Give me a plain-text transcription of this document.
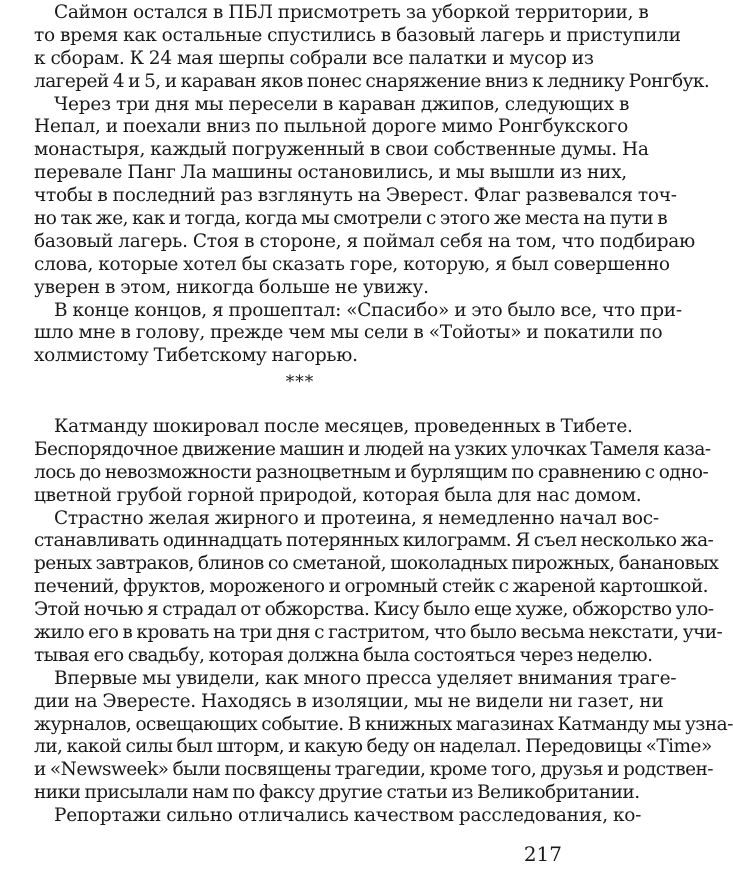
Саймон остался в ПБЛ присмотреть за уборкой территории, в
то время как остальные спустились в базовый лагерь и приступили
к сборам. К 24 мая шерпы собрали все палатки и мусор из
лагерей 4 и 5, и караван яков понес снаряжение вниз к леднику Ронгбук.
Через три дня мы пересели в караван джипов, следующих в
Непал, и поехали вниз по пыльной дороге мимо Ронгбукского
монастыря, каждый погруженный в свои собственные думы. На
перевале Панг Ла машины остановились, и мы вышли из них,
чтобы в последний раз взглянуть на Эверест. Флаг развевался точ-
но так же, как и тогда, когда мы смотрели с этого же места на пути в
базовый лагерь. Стоя в стороне, я поймал себя на том, что подбираю
слова, которые хотел бы сказать горе, которую, я был совершенно
уверен в этом, никогда больше не увижу.
В конце концов, я прошептал: «Спасибо» и это было все, что при-
шло мне в голову, прежде чем мы сели в «Тойоты» и покатили по
холмистому Тибетскому нагорью.
***
Катманду шокировал после месяцев, проведенных в Тибете.
Беспорядочное движение машин и людей на узких улочках Тамеля каза-
лось до невозможности разноцветным и бурлящим по сравнению с одно-
цветной грубой горной природой, которая была для нас домом.
Страстно желая жирного и протеина, я немедленно начал вос-
станавливать одиннадцать потерянных килограмм. Я съел несколько жа-
реных завтраков, блинов со сметаной, шоколадных пирожных, банановых
печений, фруктов, мороженого и огромный стейк с жареной картошкой.
Этой ночью я страдал от обжорства. Кису было еще хуже, обжорство уло-
жило его в кровать на три дня с гастритом, что было весьма некстати, учи-
тывая его свадьбу, которая должна была состояться через неделю.
Впервые мы увидели, как много пресса уделяет внимания траге-
дии на Эвересте. Находясь в изоляции, мы не видели ни газет, ни
журналов, освещающих событие. В книжных магазинах Катманду мы узна-
ли, какой силы был шторм, и какую беду он наделал. Передовицы «Time»
и «Newsweek» были посвящены трагедии, кроме того, друзья и родствен-
ники присылали нам по факсу другие статьи из Великобритании.
Репортажи сильно отличались качеством расследования, ко-
217
